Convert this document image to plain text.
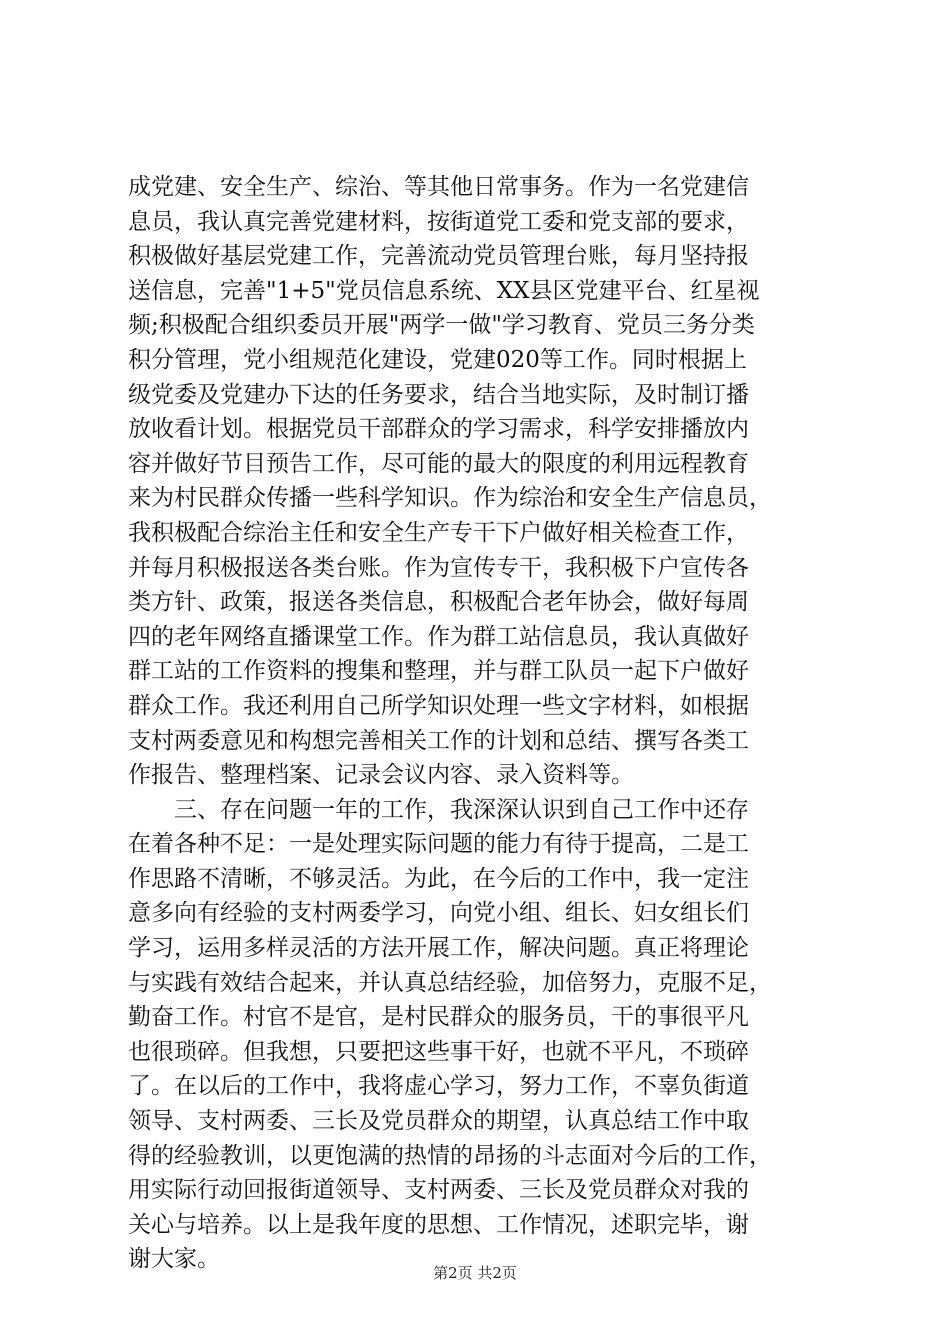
成党建、安全生产、综治、等其他日常事务。作为一名党建信
息员，我认真完善党建材料，按街道党工委和党支部的要求，
积极做好基层党建工作，完善流动党员管理台账，每月坚持报
送信息，完善"1+5"党员信息系统、XX县区党建平台、红星视
频;积极配合组织委员开展"两学一做"学习教育、党员三务分类
积分管理，党小组规范化建设，党建020等工作。同时根据上
级党委及党建办下达的任务要求，结合当地实际，及时制订播
放收看计划。根据党员干部群众的学习需求，科学安排播放内
容并做好节目预告工作，尽可能的最大的限度的利用远程教育
来为村民群众传播一些科学知识。作为综治和安全生产信息员，
我积极配合综治主任和安全生产专干下户做好相关检查工作，
并每月积极报送各类台账。作为宣传专干，我积极下户宣传各
类方针、政策，报送各类信息，积极配合老年协会，做好每周
四的老年网络直播课堂工作。作为群工站信息员，我认真做好
群工站的工作资料的搜集和整理，并与群工队员一起下户做好
群众工作。我还利用自己所学知识处理一些文字材料，如根据
支村两委意见和构想完善相关工作的计划和总结、撰写各类工
作报告、整理档案、记录会议内容、录入资料等。
　　三、存在问题一年的工作，我深深认识到自己工作中还存
在着各种不足：一是处理实际问题的能力有待于提高，二是工
作思路不清晰，不够灵活。为此，在今后的工作中，我一定注
意多向有经验的支村两委学习，向党小组、组长、妇女组长们
学习，运用多样灵活的方法开展工作，解决问题。真正将理论
与实践有效结合起来，并认真总结经验，加倍努力，克服不足，
勤奋工作。村官不是官，是村民群众的服务员，干的事很平凡
也很琐碎。但我想，只要把这些事干好，也就不平凡，不琐碎
了。在以后的工作中，我将虚心学习，努力工作，不辜负街道
领导、支村两委、三长及党员群众的期望，认真总结工作中取
得的经验教训，以更饱满的热情的昂扬的斗志面对今后的工作，
用实际行动回报街道领导、支村两委、三长及党员群众对我的
关心与培养。以上是我年度的思想、工作情况，述职完毕，谢
谢大家。
第2页 共2页
